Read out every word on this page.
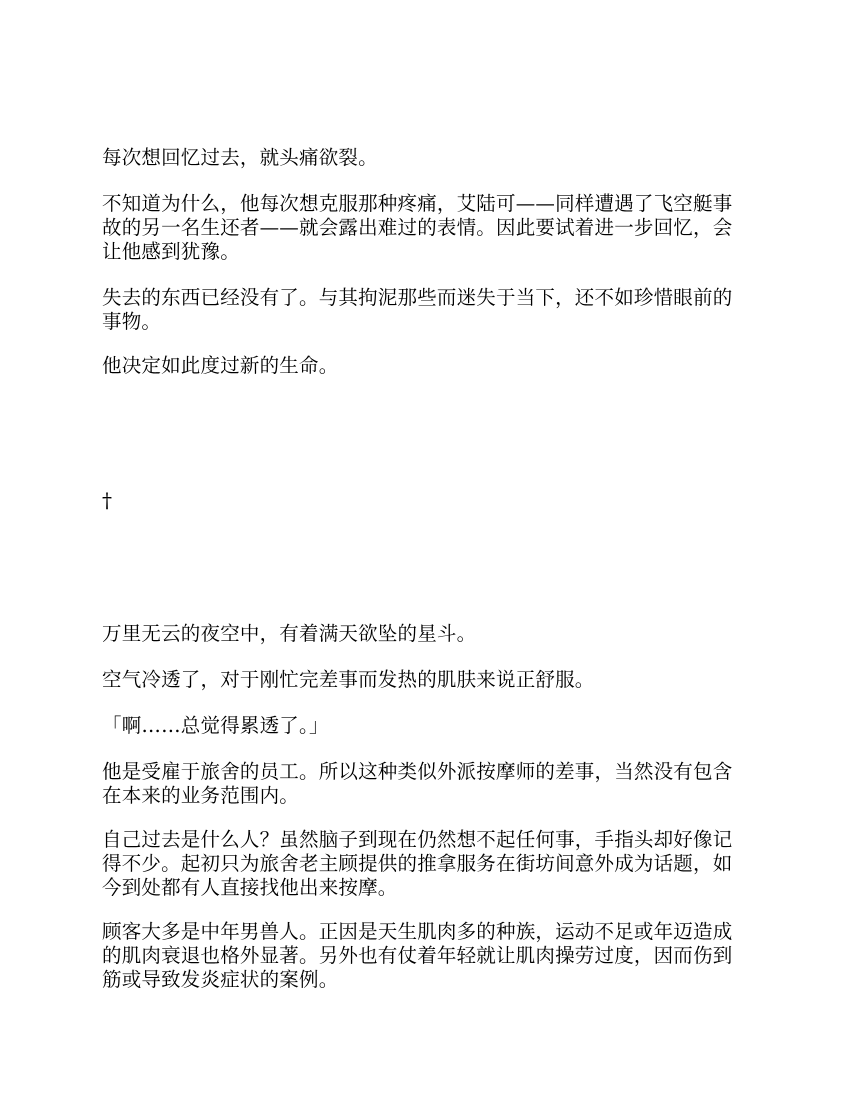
每次想回忆过去，就头痛欲裂。

不知道为什么，他每次想克服那种疼痛，艾陆可——同样遭遇了飞空艇事故的另一名生还者——就会露出难过的表情。因此要试着进一步回忆，会让他感到犹豫。

失去的东西已经没有了。与其拘泥那些而迷失于当下，还不如珍惜眼前的事物。

他决定如此度过新的生命。

†

万里无云的夜空中，有着满天欲坠的星斗。

空气冷透了，对于刚忙完差事而发热的肌肤来说正舒服。

「啊……总觉得累透了。」

他是受雇于旅舍的员工。所以这种类似外派按摩师的差事，当然没有包含在本来的业务范围内。

自己过去是什么人？虽然脑子到现在仍然想不起任何事，手指头却好像记得不少。起初只为旅舍老主顾提供的推拿服务在街坊间意外成为话题，如今到处都有人直接找他出来按摩。

顾客大多是中年男兽人。正因是天生肌肉多的种族，运动不足或年迈造成的肌肉衰退也格外显著。另外也有仗着年轻就让肌肉操劳过度，因而伤到筋或导致发炎症状的案例。
